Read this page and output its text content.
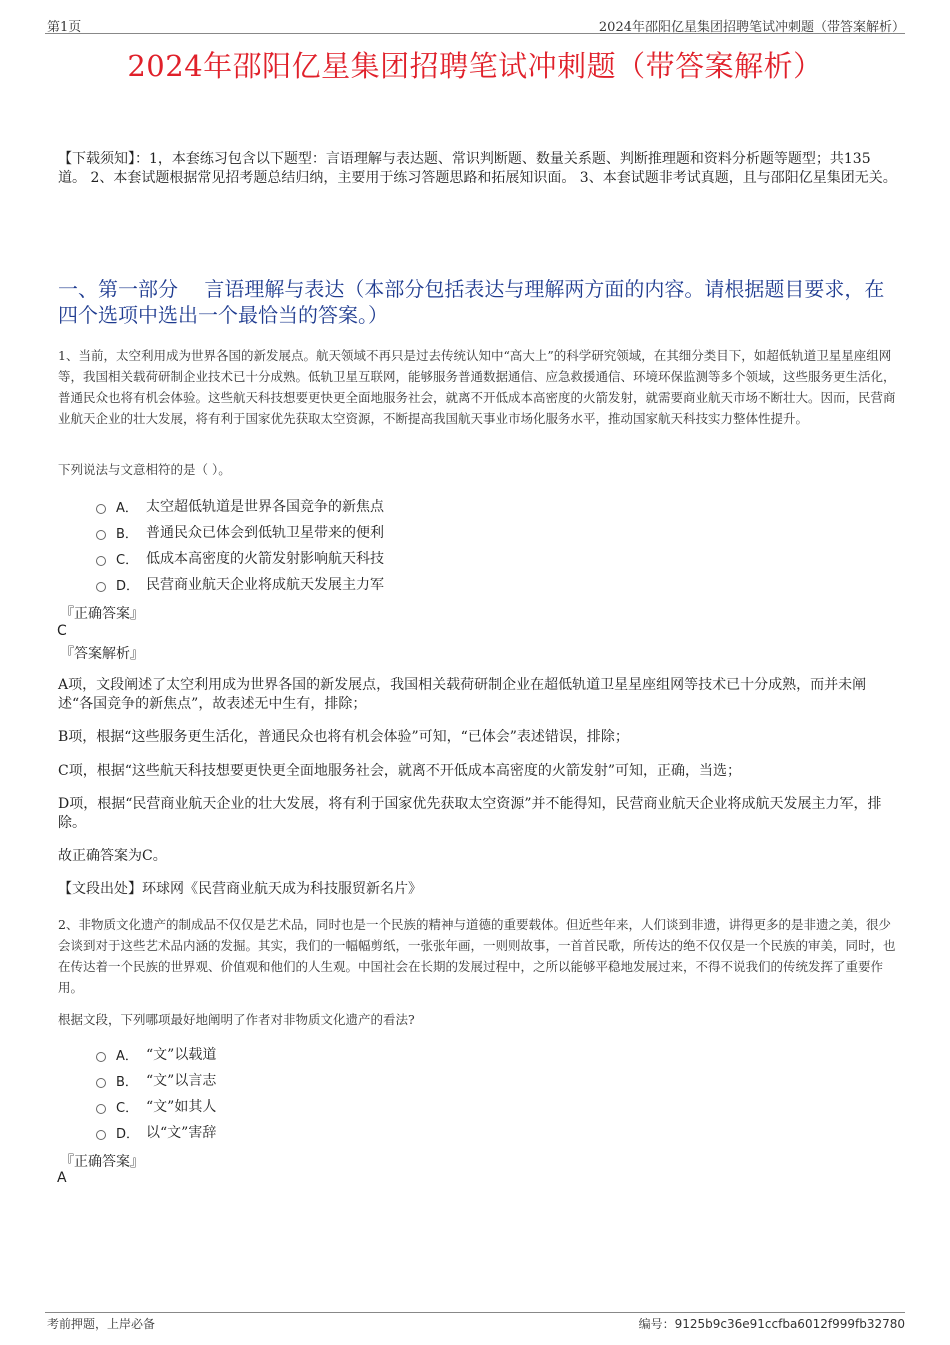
第1页	2024年邵阳亿星集团招聘笔试冲刺题（带答案解析）
2024年邵阳亿星集团招聘笔试冲刺题（带答案解析）
【下载须知】：1，本套练习包含以下题型：言语理解与表达题、常识判断题、数量关系题、判断推理题和资料分析题等题型；共135道。 2、本套试题根据常见招考题总结归纳，主要用于练习答题思路和拓展知识面。 3、本套试题非考试真题，且与邵阳亿星集团无关。
一、第一部分　 言语理解与表达（本部分包括表达与理解两方面的内容。请根据题目要求，在四个选项中选出一个最恰当的答案。）
1、当前，太空利用成为世界各国的新发展点。航天领域不再只是过去传统认知中“高大上”的科学研究领域，在其细分类目下，如超低轨道卫星星座组网等，我国相关载荷研制企业技术已十分成熟。低轨卫星互联网，能够服务普通数据通信、应急救援通信、环境环保监测等多个领域，这些服务更生活化，普通民众也将有机会体验。这些航天科技想要更快更全面地服务社会，就离不开低成本高密度的火箭发射，就需要商业航天市场不断壮大。因而，民营商业航天企业的壮大发展，将有利于国家优先获取太空资源，不断提高我国航天事业市场化服务水平，推动国家航天科技实力整体性提升。
下列说法与文意相符的是（ ）。
A． 太空超低轨道是世界各国竞争的新焦点
B． 普通民众已体会到低轨卫星带来的便利
C． 低成本高密度的火箭发射影响航天科技
D． 民营商业航天企业将成航天发展主力军
『正确答案』
C
『答案解析』
A项，文段阐述了太空利用成为世界各国的新发展点，我国相关载荷研制企业在超低轨道卫星星座组网等技术已十分成熟，而并未阐述“各国竞争的新焦点”，故表述无中生有，排除；
B项，根据“这些服务更生活化，普通民众也将有机会体验”可知，“已体会”表述错误，排除；
C项，根据“这些航天科技想要更快更全面地服务社会，就离不开低成本高密度的火箭发射”可知，正确，当选；
D项，根据“民营商业航天企业的壮大发展，将有利于国家优先获取太空资源”并不能得知，民营商业航天企业将成航天发展主力军，排除。
故正确答案为C。
【文段出处】环球网《民营商业航天成为科技服贸新名片》
2、非物质文化遗产的制成品不仅仅是艺术品，同时也是一个民族的精神与道德的重要载体。但近些年来，人们谈到非遗，讲得更多的是非遗之美，很少会谈到对于这些艺术品内涵的发掘。其实，我们的一幅幅剪纸，一张张年画，一则则故事，一首首民歌，所传达的绝不仅仅是一个民族的审美，同时，也在传达着一个民族的世界观、价值观和他们的人生观。中国社会在长期的发展过程中，之所以能够平稳地发展过来，不得不说我们的传统发挥了重要作用。
根据文段，下列哪项最好地阐明了作者对非物质文化遗产的看法?
A． “文”以载道
B． “文”以言志
C． “文”如其人
D． 以“文”害辞
『正确答案』
A
考前押题，上岸必备	编号：9125b9c36e91ccfba6012f999fb32780
